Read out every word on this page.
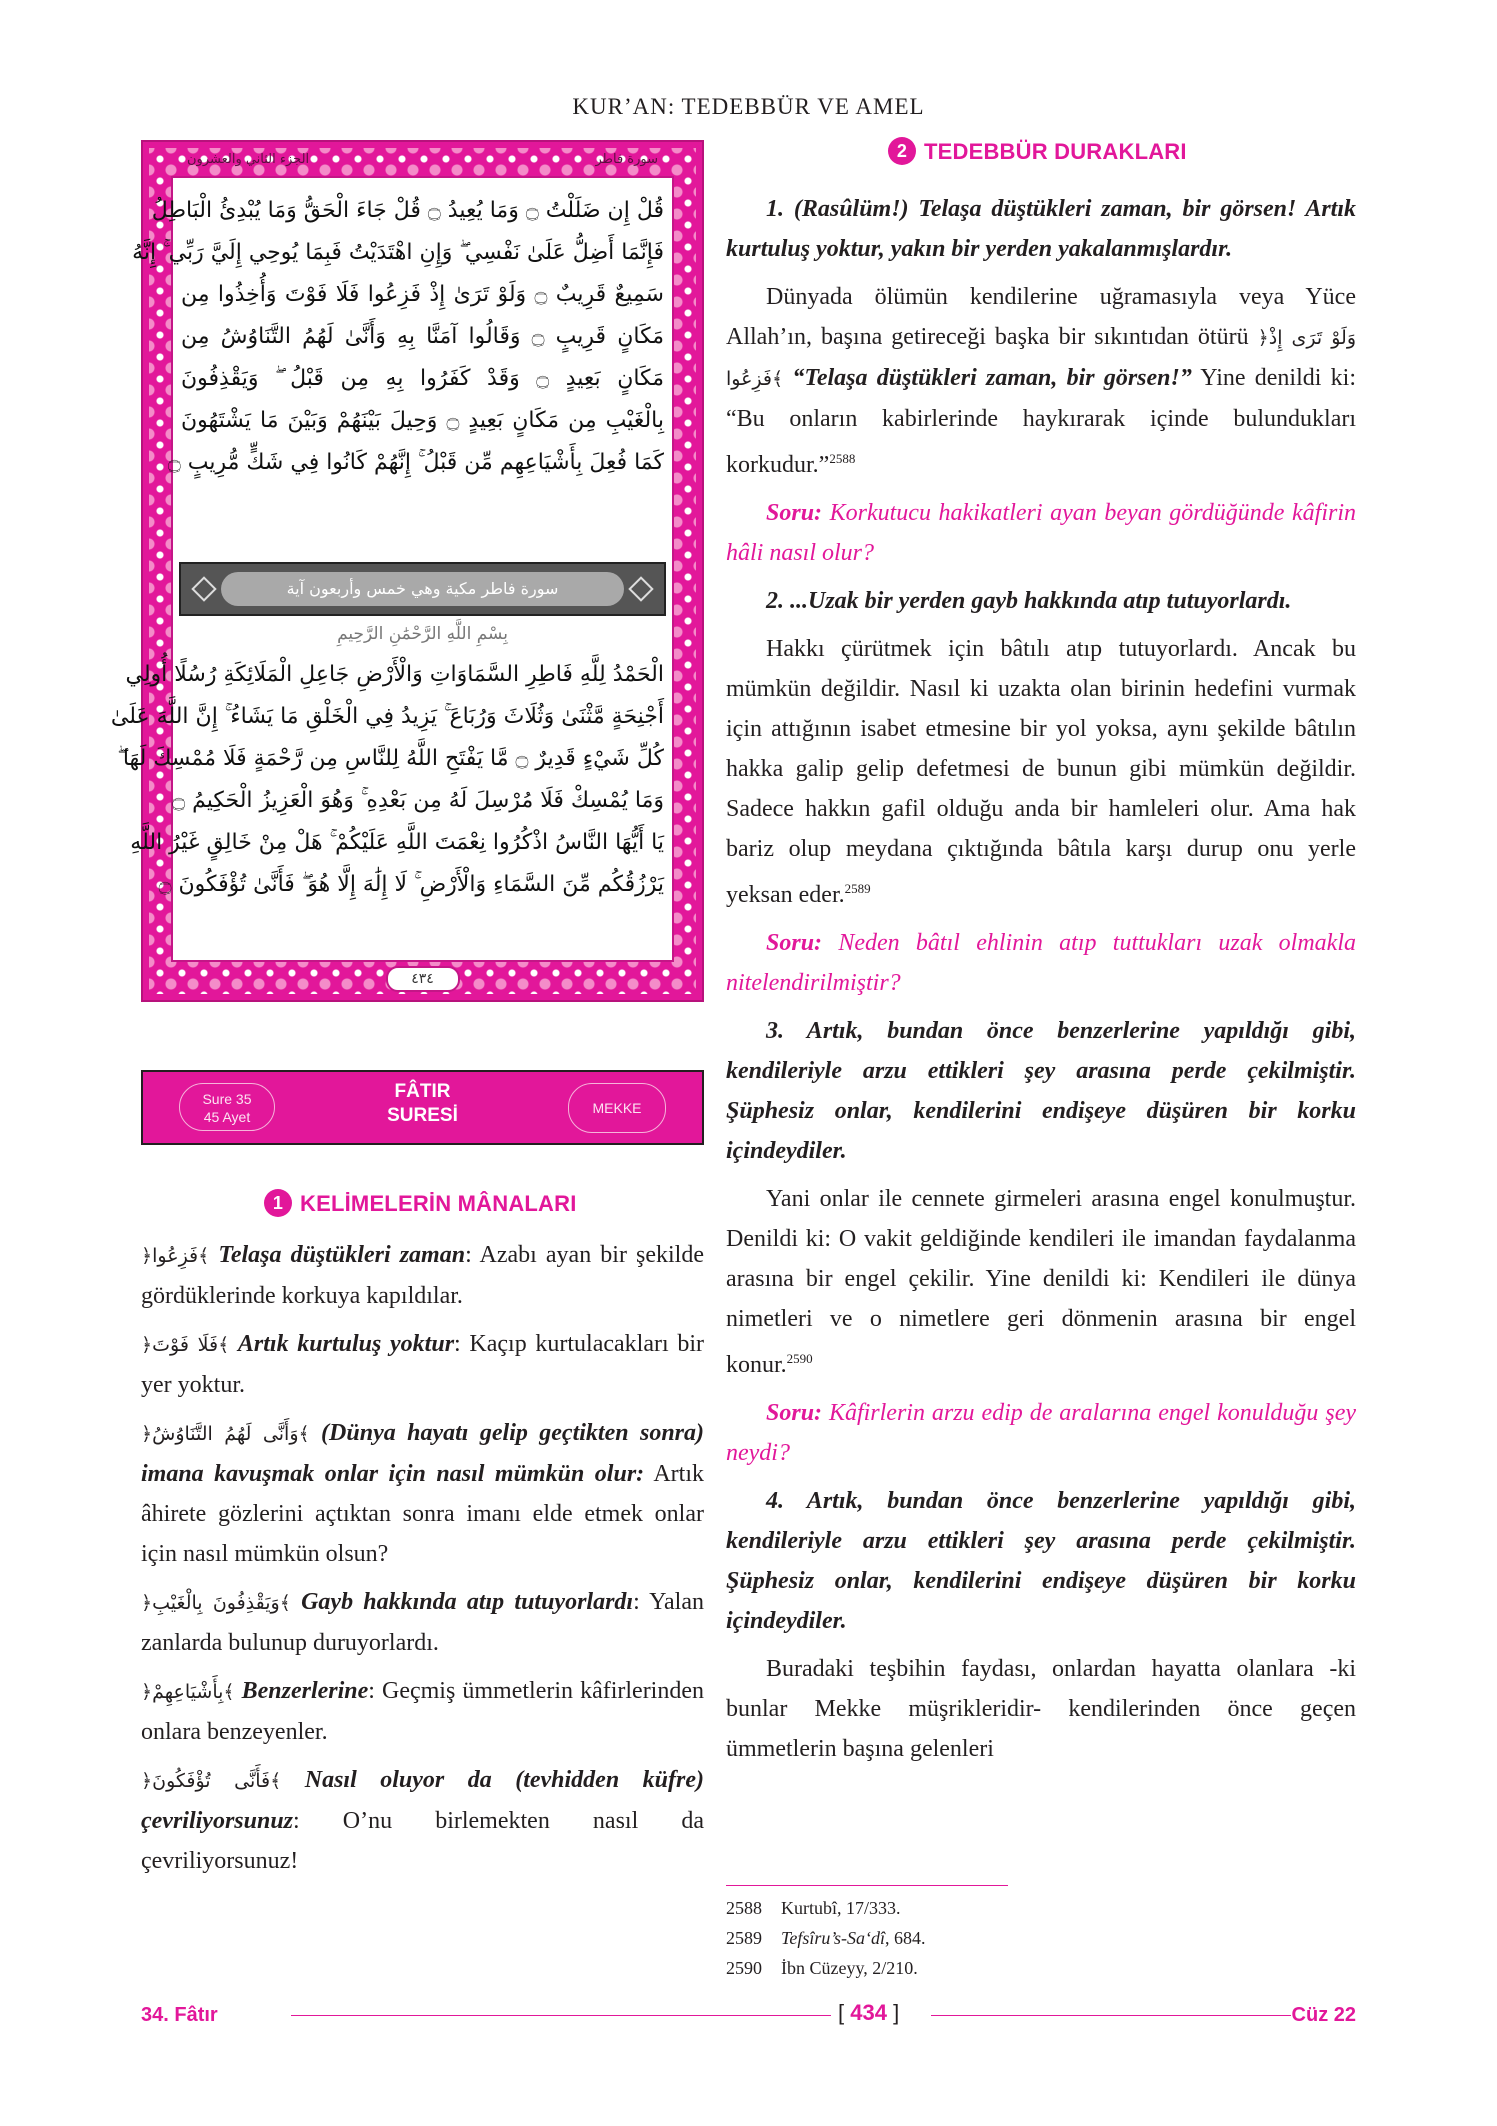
KUR’AN: TEDEBBÜR VE AMEL
الجزء الثاني والعشرون	سورة فاطر
قُلْ إِن ضَلَلْتُ ۝ وَمَا يُعِيدُ ۝ قُلْ جَاءَ الْحَقُّ وَمَا يُبْدِئُ الْبَاطِلُ
فَإِنَّمَا أَضِلُّ عَلَىٰ نَفْسِي ۖ وَإِنِ اهْتَدَيْتُ فَبِمَا يُوحِي إِلَيَّ رَبِّي ۚ إِنَّهُ
سَمِيعٌ قَرِيبٌ ۝ وَلَوْ تَرَىٰ إِذْ فَزِعُوا فَلَا فَوْتَ وَأُخِذُوا مِن
مَكَانٍ قَرِيبٍ ۝ وَقَالُوا آمَنَّا بِهِ وَأَنَّىٰ لَهُمُ التَّنَاوُشُ مِن
مَكَانٍ بَعِيدٍ ۝ وَقَدْ كَفَرُوا بِهِ مِن قَبْلُ ۖ وَيَقْذِفُونَ
بِالْغَيْبِ مِن مَكَانٍ بَعِيدٍ ۝ وَحِيلَ بَيْنَهُمْ وَبَيْنَ مَا يَشْتَهُونَ
كَمَا فُعِلَ بِأَشْيَاعِهِم مِّن قَبْلُ ۚ إِنَّهُمْ كَانُوا فِي شَكٍّ مُّرِيبٍ ۝
سورة فاطر مكية وهي خمس وأربعون آية
بِسْمِ اللَّهِ الرَّحْمَٰنِ الرَّحِيمِ
الْحَمْدُ لِلَّهِ فَاطِرِ السَّمَاوَاتِ وَالْأَرْضِ جَاعِلِ الْمَلَائِكَةِ رُسُلًا أُولِي
أَجْنِحَةٍ مَّثْنَىٰ وَثُلَاثَ وَرُبَاعَ ۚ يَزِيدُ فِي الْخَلْقِ مَا يَشَاءُ ۚ إِنَّ اللَّهَ عَلَىٰ
كُلِّ شَيْءٍ قَدِيرٌ ۝ مَّا يَفْتَحِ اللَّهُ لِلنَّاسِ مِن رَّحْمَةٍ فَلَا مُمْسِكَ لَهَا ۖ
وَمَا يُمْسِكْ فَلَا مُرْسِلَ لَهُ مِن بَعْدِهِ ۚ وَهُوَ الْعَزِيزُ الْحَكِيمُ ۝
يَا أَيُّهَا النَّاسُ اذْكُرُوا نِعْمَتَ اللَّهِ عَلَيْكُمْ ۚ هَلْ مِنْ خَالِقٍ غَيْرُ اللَّهِ
يَرْزُقُكُم مِّنَ السَّمَاءِ وَالْأَرْضِ ۚ لَا إِلَٰهَ إِلَّا هُوَ ۖ فَأَنَّىٰ تُؤْفَكُونَ ۝
٤٣٤
Sure 35
45 Ayet
FÂTIR
SURESİ	MEKKE
1 KELİMELERİN MÂNALARI

﴿فَزِعُوا﴾ Telaşa düştükleri zaman: Azabı ayan bir şekilde gördüklerinde korkuya kapıldılar.

﴿فَلَا فَوْتَ﴾ Artık kurtuluş yoktur: Kaçıp kurtulacakları bir yer yoktur.

﴿وَأَنَّى لَهُمُ التَّنَاوُشُ﴾ (Dünya hayatı gelip geçtikten sonra) imana kavuşmak onlar için nasıl mümkün olur: Artık âhirete gözlerini açtıktan sonra imanı elde etmek onlar için nasıl mümkün olsun?

﴿وَيَقْذِفُونَ بِالْغَيْبِ﴾ Gayb hakkında atıp tutuyorlardı: Yalan zanlarda bulunup duruyorlardı.

﴿بِأَشْيَاعِهِمْ﴾ Benzerlerine: Geçmiş ümmetlerin kâfirlerinden onlara benzeyenler.

﴿فَأَنَّى تُؤْفَكُونَ﴾ Nasıl oluyor da (tevhidden küfre) çevriliyorsunuz: O’nu birlemekten nasıl da çevriliyorsunuz!

2 TEDEBBÜR DURAKLARI

1. (Rasûlüm!) Telaşa düştükleri zaman, bir görsen! Artık kurtuluş yoktur, yakın bir yerden yakalanmışlardır.

Dünyada ölümün kendilerine uğramasıyla veya Yüce Allah’ın, başına getireceği başka bir sıkıntıdan ötürü ﴿وَلَوْ تَرَى إِذْ فَزِعُوا﴾ “Telaşa düştükleri zaman, bir görsen!” Yine denildi ki: “Bu onların kabirlerinde haykırarak içinde bulundukları korkudur.”$^{2588}$

Soru: Korkutucu hakikatleri ayan beyan gördüğünde kâfirin hâli nasıl olur?

2. ...Uzak bir yerden gayb hakkında atıp tutuyorlardı.

Hakkı çürütmek için bâtılı atıp tutuyorlardı. Ancak bu mümkün değildir. Nasıl ki uzakta olan birinin hedefini vurmak için attığının isabet etmesine bir yol yoksa, aynı şekilde bâtılın hakka galip gelip defetmesi de bunun gibi mümkün değildir. Sadece hakkın gafil olduğu anda bir hamleleri olur. Ama hak bariz olup meydana çıktığında bâtıla karşı durup onu yerle yeksan eder.$^{2589}$

Soru: Neden bâtıl ehlinin atıp tuttukları uzak olmakla nitelendirilmiştir?

3. Artık, bundan önce benzerlerine yapıldığı gibi, kendileriyle arzu ettikleri şey arasına perde çekilmiştir. Şüphesiz onlar, kendilerini endişeye düşüren bir korku içindeydiler.

Yani onlar ile cennete girmeleri arasına engel konulmuştur. Denildi ki: O vakit geldiğinde kendileri ile imandan faydalanma arasına bir engel çekilir. Yine denildi ki: Kendileri ile dünya nimetleri ve o nimetlere geri dönmenin arasına bir engel konur.$^{2590}$

Soru: Kâfirlerin arzu edip de aralarına engel konulduğu şey neydi?

4. Artık, bundan önce benzerlerine yapıldığı gibi, kendileriyle arzu ettikleri şey arasına perde çekilmiştir. Şüphesiz onlar, kendilerini endişeye düşüren bir korku içindeydiler.

Buradaki teşbihin faydası, onlardan hayatta olanlara -ki bunlar Mekke müşrikleridir- kendilerinden önce geçen ümmetlerin başına gelenleri

2588 Kurtubî, 17/333.
2589 Tefsîru’s-Sa‘dî, 684.
2590 İbn Cüzeyy, 2/210.
34. Fâtır	[ 434 ]	Cüz 22
